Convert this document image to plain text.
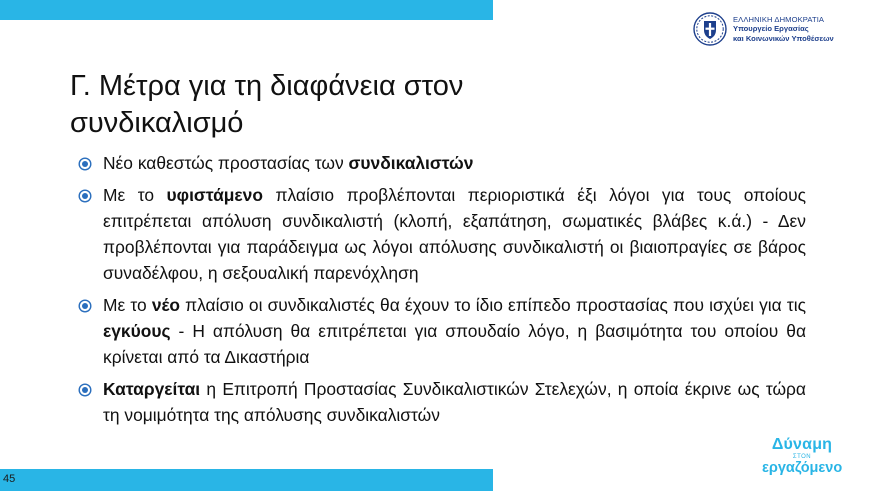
ΕΛΛΗΝΙΚΗ ΔΗΜΟΚΡΑΤΙΑ
Υπουργείο Εργασίας
και Κοινωνικών Υποθέσεων
Γ. Μέτρα για τη διαφάνεια στον συνδικαλισμό
Νέο καθεστώς προστασίας των συνδικαλιστών
Με το υφιστάμενο πλαίσιο προβλέπονται περιοριστικά έξι λόγοι για τους οποίους επιτρέπεται απόλυση συνδικαλιστή (κλοπή, εξαπάτηση, σωματικές βλάβες κ.ά.) - Δεν προβλέπονται για παράδειγμα ως λόγοι απόλυσης συνδικαλιστή οι βιαιοπραγίες σε βάρος συναδέλφου, η σεξουαλική παρενόχληση
Με το νέο πλαίσιο οι συνδικαλιστές θα έχουν το ίδιο επίπεδο προστασίας που ισχύει για τις εγκύους - Η απόλυση θα επιτρέπεται για σπουδαίο λόγο, η βασιμότητα του οποίου θα κρίνεται από τα Δικαστήρια
Καταργείται η Επιτροπή Προστασίας Συνδικαλιστικών Στελεχών, η οποία έκρινε ως τώρα τη νομιμότητα της απόλυσης συνδικαλιστών
45
Δύναμη
ΣΤΟΝ
εργαζόμενο
